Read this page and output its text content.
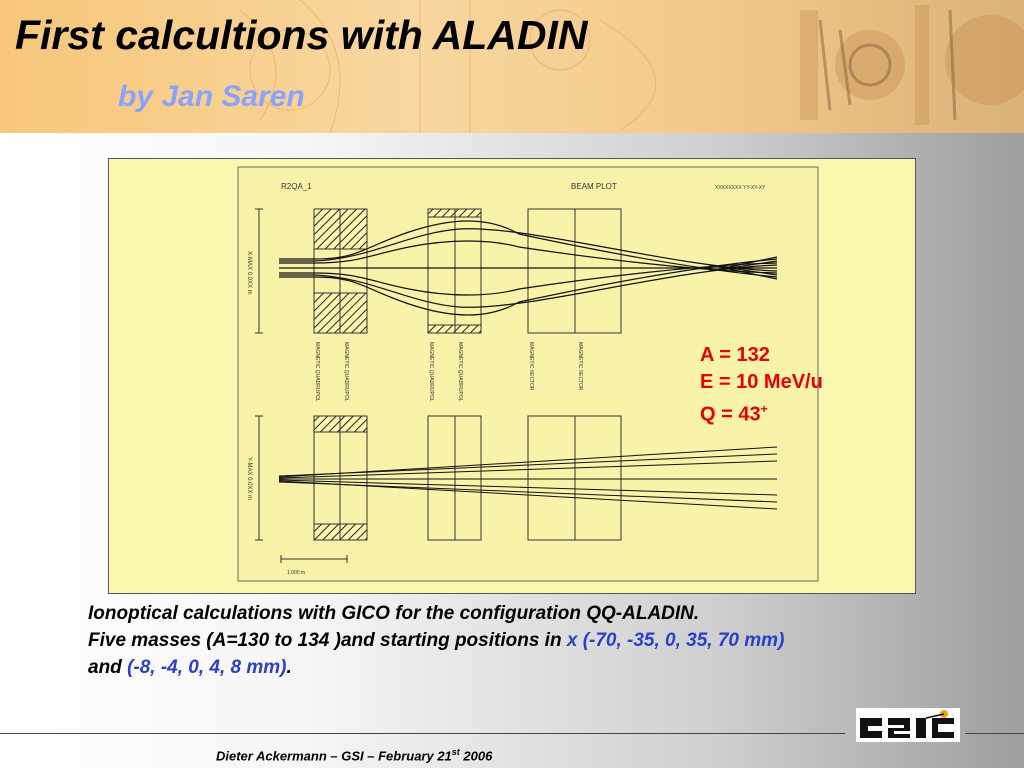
First calcultions with ALADIN
by Jan Saren
R2QA_1	BEAM PLOT	XXXXXXXX YY-XY-XY
X-MAX 0.0XX m
Y-MAX 0.0XX m
1.000 m
MAGNETIC QUADRUPOL	MAGNETIC QUADRUPOL	MAGNETIC QUADRUPOL	MAGNETIC QUADRUPOL	MAGNETIC SECTOR	MAGNETIC SECTOR	A = 132
E = 10 MeV/u
Q = 43+
Ionoptical calculations with GICO for the configuration QQ-ALADIN.
Five masses (A=130 to 134 )and starting positions in x (-70, -35, 0, 35, 70 mm)
and (-8, -4, 0, 4, 8 mm).
Dieter Ackermann – GSI – February 21st 2006
